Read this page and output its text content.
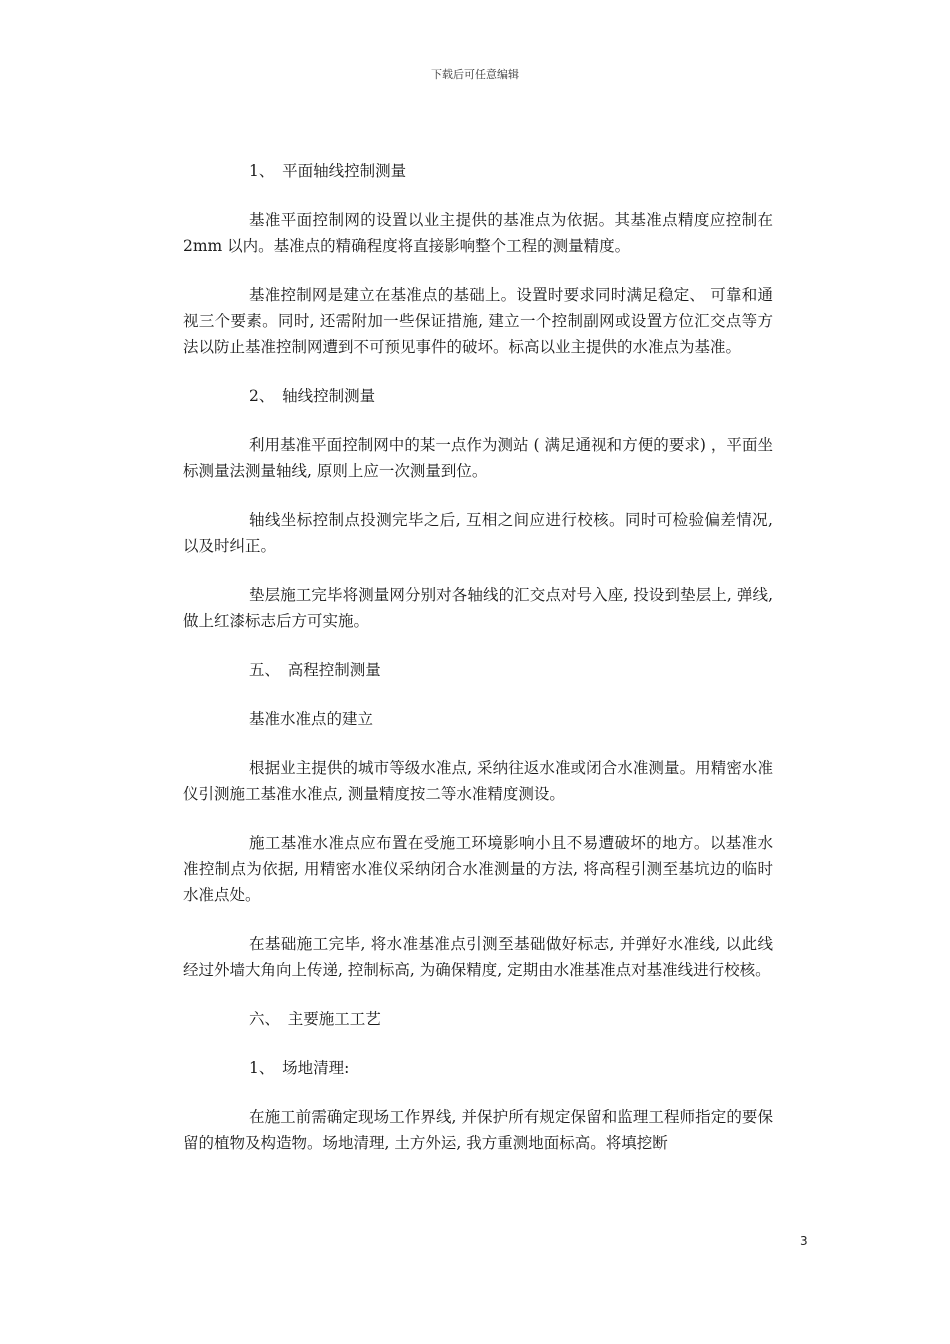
下载后可任意编辑

1、　平面轴线控制测量

基准平面控制网的设置以业主提供的基准点为依据。其基准点精度应控制在 2mm 以内。基准点的精确程度将直接影响整个工程的测量精度。

基准控制网是建立在基准点的基础上。设置时要求同时满足稳定、 可靠和通视三个要素。同时, 还需附加一些保证措施, 建立一个控制副网或设置方位汇交点等方法以防止基准控制网遭到不可预见事件的破坏。标高以业主提供的水准点为基准。

2、　轴线控制测量

利用基准平面控制网中的某一点作为测站 ( 满足通视和方便的要求) ，平面坐标测量法测量轴线, 原则上应一次测量到位。

轴线坐标控制点投测完毕之后, 互相之间应进行校核。同时可检验偏差情况, 以及时纠正。

垫层施工完毕将测量网分别对各轴线的汇交点对号入座, 投设到垫层上, 弹线, 做上红漆标志后方可实施。

五、　高程控制测量

基准水准点的建立

根据业主提供的城市等级水准点, 采纳往返水准或闭合水准测量。用精密水准仪引测施工基准水准点, 测量精度按二等水准精度测设。

施工基准水准点应布置在受施工环境影响小且不易遭破坏的地方。以基准水准控制点为依据, 用精密水准仪采纳闭合水准测量的方法, 将高程引测至基坑边的临时水准点处。

在基础施工完毕, 将水准基准点引测至基础做好标志, 并弹好水准线, 以此线经过外墙大角向上传递, 控制标高, 为确保精度, 定期由水准基准点对基准线进行校核。

六、　主要施工工艺

1、　场地清理:

在施工前需确定现场工作界线, 并保护所有规定保留和监理工程师指定的要保留的植物及构造物。场地清理, 土方外运, 我方重测地面标高。将填挖断

3
